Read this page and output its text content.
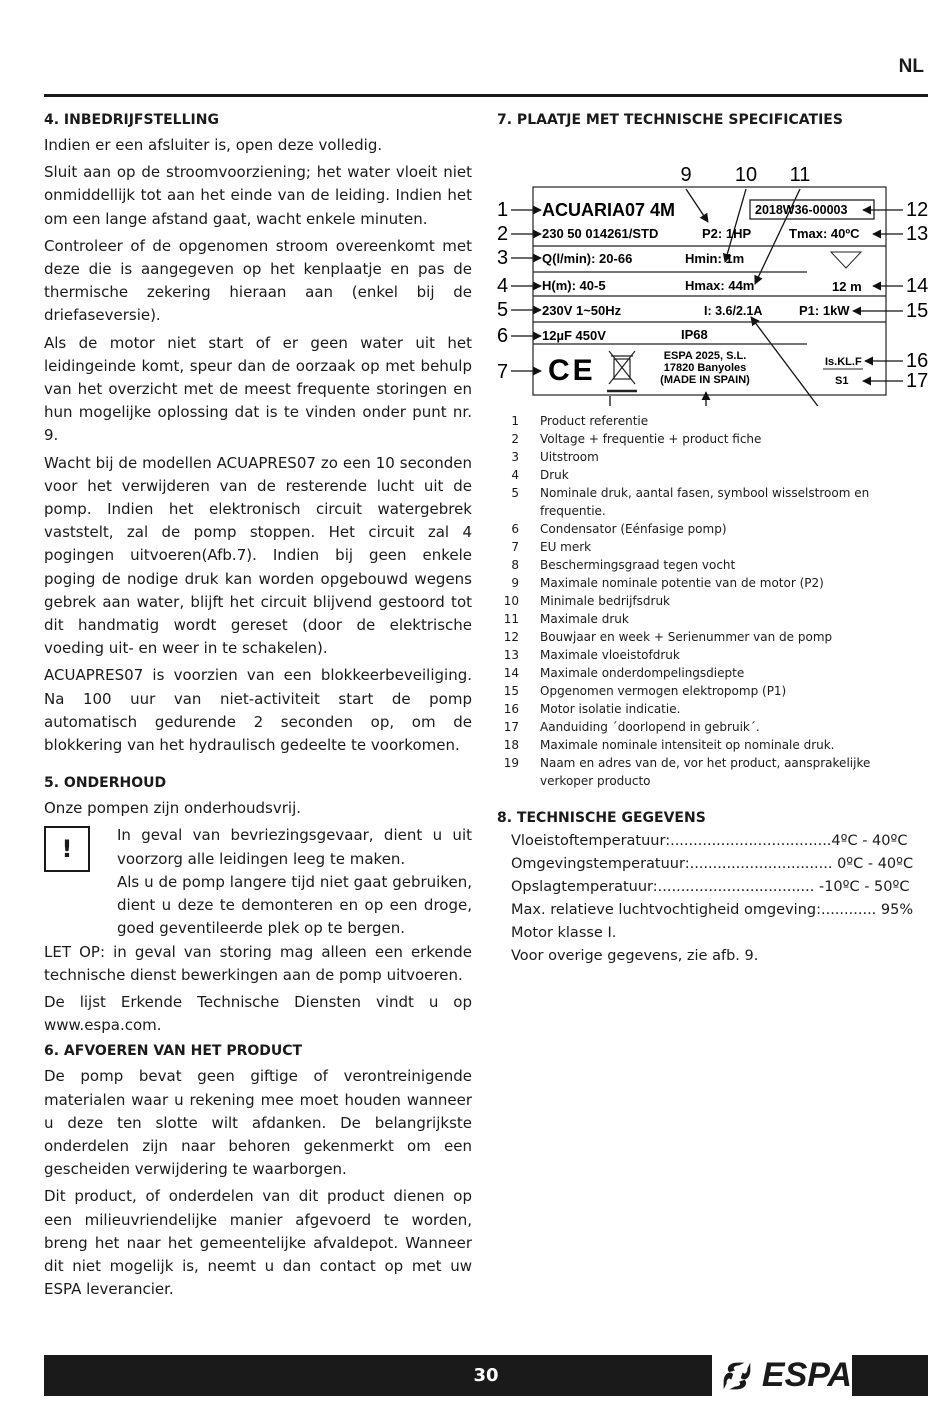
NL
4. INBEDRIJFSTELLING

Indien er een afsluiter is, open deze volledig.

Sluit aan op de stroomvoorziening; het water vloeit niet onmiddellijk tot aan het einde van de leiding. Indien het om een lange afstand gaat, wacht enkele minuten.

Controleer of de opgenomen stroom overeenkomt met deze die is aangegeven op het kenplaatje en pas de thermische zekering hieraan aan (enkel bij de driefaseversie).

Als de motor niet start of er geen water uit het leidingeinde komt, speur dan de oorzaak op met behulp van het overzicht met de meest frequente storingen en hun mogelijke oplossing dat is te vinden onder punt nr. 9.

Wacht bij de modellen ACUAPRES07 zo een 10 seconden voor het verwijderen van de resterende lucht uit de pomp. Indien het elektronisch circuit watergebrek vaststelt, zal de pomp stoppen. Het circuit zal 4 pogingen uitvoeren(Afb.7). Indien bij geen enkele poging de nodige druk kan worden opgebouwd wegens gebrek aan water, blijft het circuit blijvend gestoord tot dit handmatig wordt gereset (door de elektrische voeding uit- en weer in te schakelen).

ACUAPRES07 is voorzien van een blokkeerbeveiliging. Na 100 uur van niet-activiteit start de pomp automatisch gedurende 2 seconden op, om de blokkering van het hydraulisch gedeelte te voorkomen.

5. ONDERHOUD

Onze pompen zijn onderhoudsvrij.

!	In geval van bevriezingsgevaar, dient u uit voorzorg alle leidingen leeg te maken.

Als u de pomp langere tijd niet gaat gebruiken, dient u deze te demonteren en op een droge, goed geventileerde plek op te bergen.

LET OP: in geval van storing mag alleen een erkende technische dienst bewerkingen aan de pomp uitvoeren.

De lijst Erkende Technische Diensten vindt u op www.espa.com.

6. AFVOEREN VAN HET PRODUCT

De pomp bevat geen giftige of verontreinigende materialen waar u rekening mee moet houden wanneer u deze ten slotte wilt afdanken. De belangrijkste onderdelen zijn naar behoren gekenmerkt om een gescheiden verwijdering te waarborgen.

Dit product, of onderdelen van dit product dienen op een milieuvriendelijke manier afgevoerd te worden, breng het naar het gemeentelijke afvaldepot. Wanneer dit niet mogelijk is, neemt u dan contact op met uw ESPA leverancier.

7. PLAATJE MET TECHNISCHE SPECIFICATIES
9 10 11
1
2
3
4
5
6
7
12
13
14
15
16
17
ACUARIA07 4M	2018W36-00003
230 50 014261/STD	P2: 1HP	Tmax: 40ºC
Q(l/min): 20-66	Hmin: 1m
H(m): 40-5	Hmax: 44m	12 m
230V 1~50Hz	I: 3.6/2.1A	P1: 1kW
12µF 450V	IP68
CE	ESPA 2025, S.L.
17820 Banyoles
(MADE IN SPAIN)
Is.KL.F
S1
1 Product referentie
2 Voltage + frequentie + product fiche
3 Uitstroom
4 Druk
5 Nominale druk, aantal fasen, symbool wisselstroom en frequentie.
6 Condensator (Eénfasige pomp)
7 EU merk
8 Beschermingsgraad tegen vocht
9 Maximale nominale potentie van de motor (P2)
10 Minimale bedrijfsdruk
11 Maximale druk
12 Bouwjaar en week + Serienummer van de pomp
13 Maximale vloeistofdruk
14 Maximale onderdompelingsdiepte
15 Opgenomen vermogen elektropomp (P1)
16 Motor isolatie indicatie.
17 Aanduiding ´doorlopend in gebruik´.
18 Maximale nominale intensiteit op nominale druk.
19 Naam en adres van de, vor het product, aansprakelijke verkoper producto
8. TECHNISCHE GEGEVENS
Vloeistoftemperatuur:...................................4ºC - 40ºC
Omgevingstemperatuur:............................... 0ºC - 40ºC
Opslagtemperatuur:.................................. -10ºC - 50ºC
Max. relatieve luchtvochtigheid omgeving:............ 95%
Motor klasse I.
Voor overige gegevens, zie afb. 9.
30	ESPA
